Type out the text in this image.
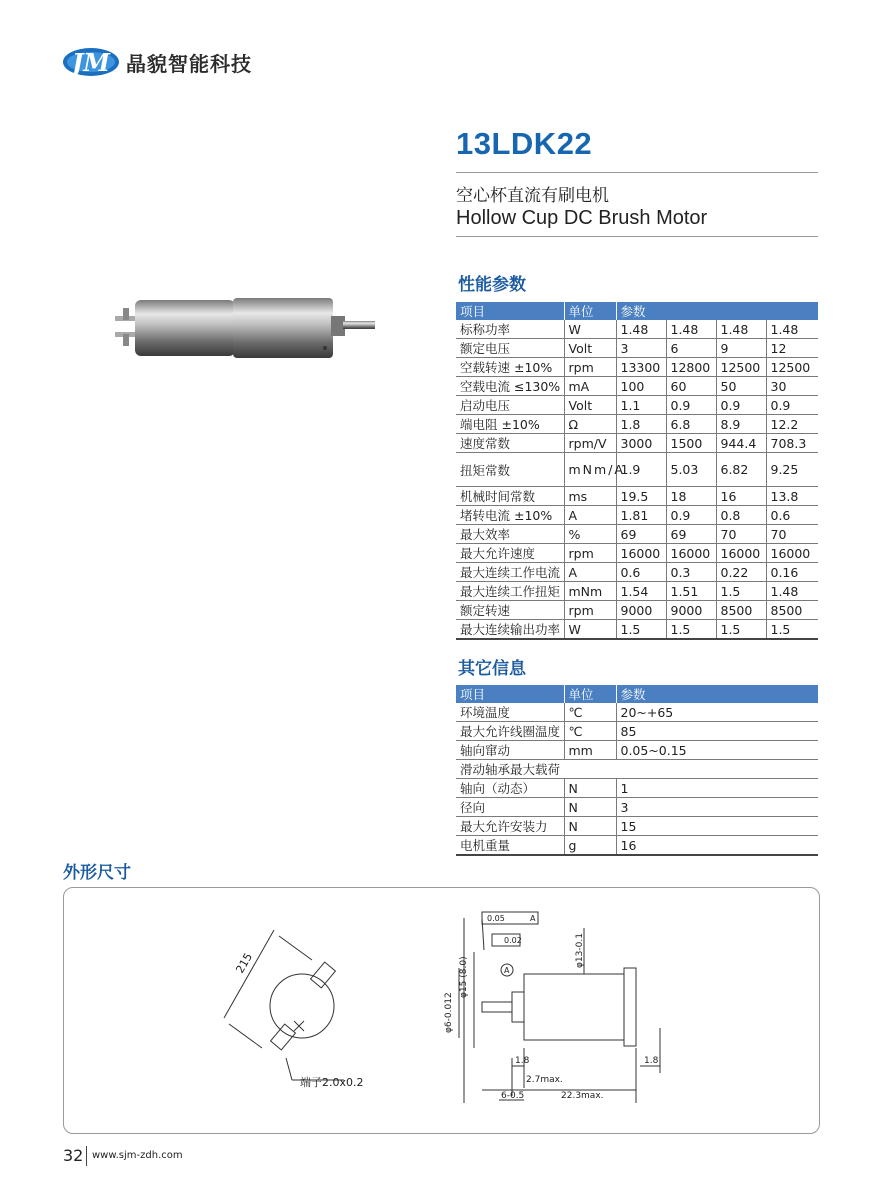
JM 晶貌智能科技
13LDK22
空心杯直流有刷电机
Hollow Cup DC Brush Motor
性能参数
项目	单位	参数			
标称功率	W	1.48	1.48	1.48	1.48
额定电压	Volt	3	6	9	12
空载转速 ±10%	rpm	13300	12800	12500	12500
空载电流 ≤130%	mA	100	60	50	30
启动电压	Volt	1.1	0.9	0.9	0.9
端电阻 ±10%	Ω	1.8	6.8	8.9	12.2
速度常数	rpm/V	3000	1500	944.4	708.3
扭矩常数	mNm/A	1.9	5.03	6.82	9.25
机械时间常数	ms	19.5	18	16	13.8
堵转电流 ±10%	A	1.81	0.9	0.8	0.6
最大效率	%	69	69	70	70
最大允许速度	rpm	16000	16000	16000	16000
最大连续工作电流	A	0.6	0.3	0.22	0.16
最大连续工作扭矩	mNm	1.54	1.51	1.5	1.48
额定转速	rpm	9000	9000	8500	8500
最大连续输出功率	W	1.5	1.5	1.5	1.5
其它信息
项目	单位	参数
环境温度	℃	20~+65
最大允许线圈温度	℃	85
轴向窜动	mm	0.05~0.15
滑动轴承最大载荷		
轴向（动态）	N	1
径向	N	3
最大允许安装力	N	15
电机重量	g	16
外形尺寸
215
端子2.0x0.2
0.05	A
0.02
A
φ13-0.1
φ15 (8.0)
φ6-0.012
1.8	1.8
2.7max.
6-0.5	22.3max.
32 www.sjm-zdh.com
